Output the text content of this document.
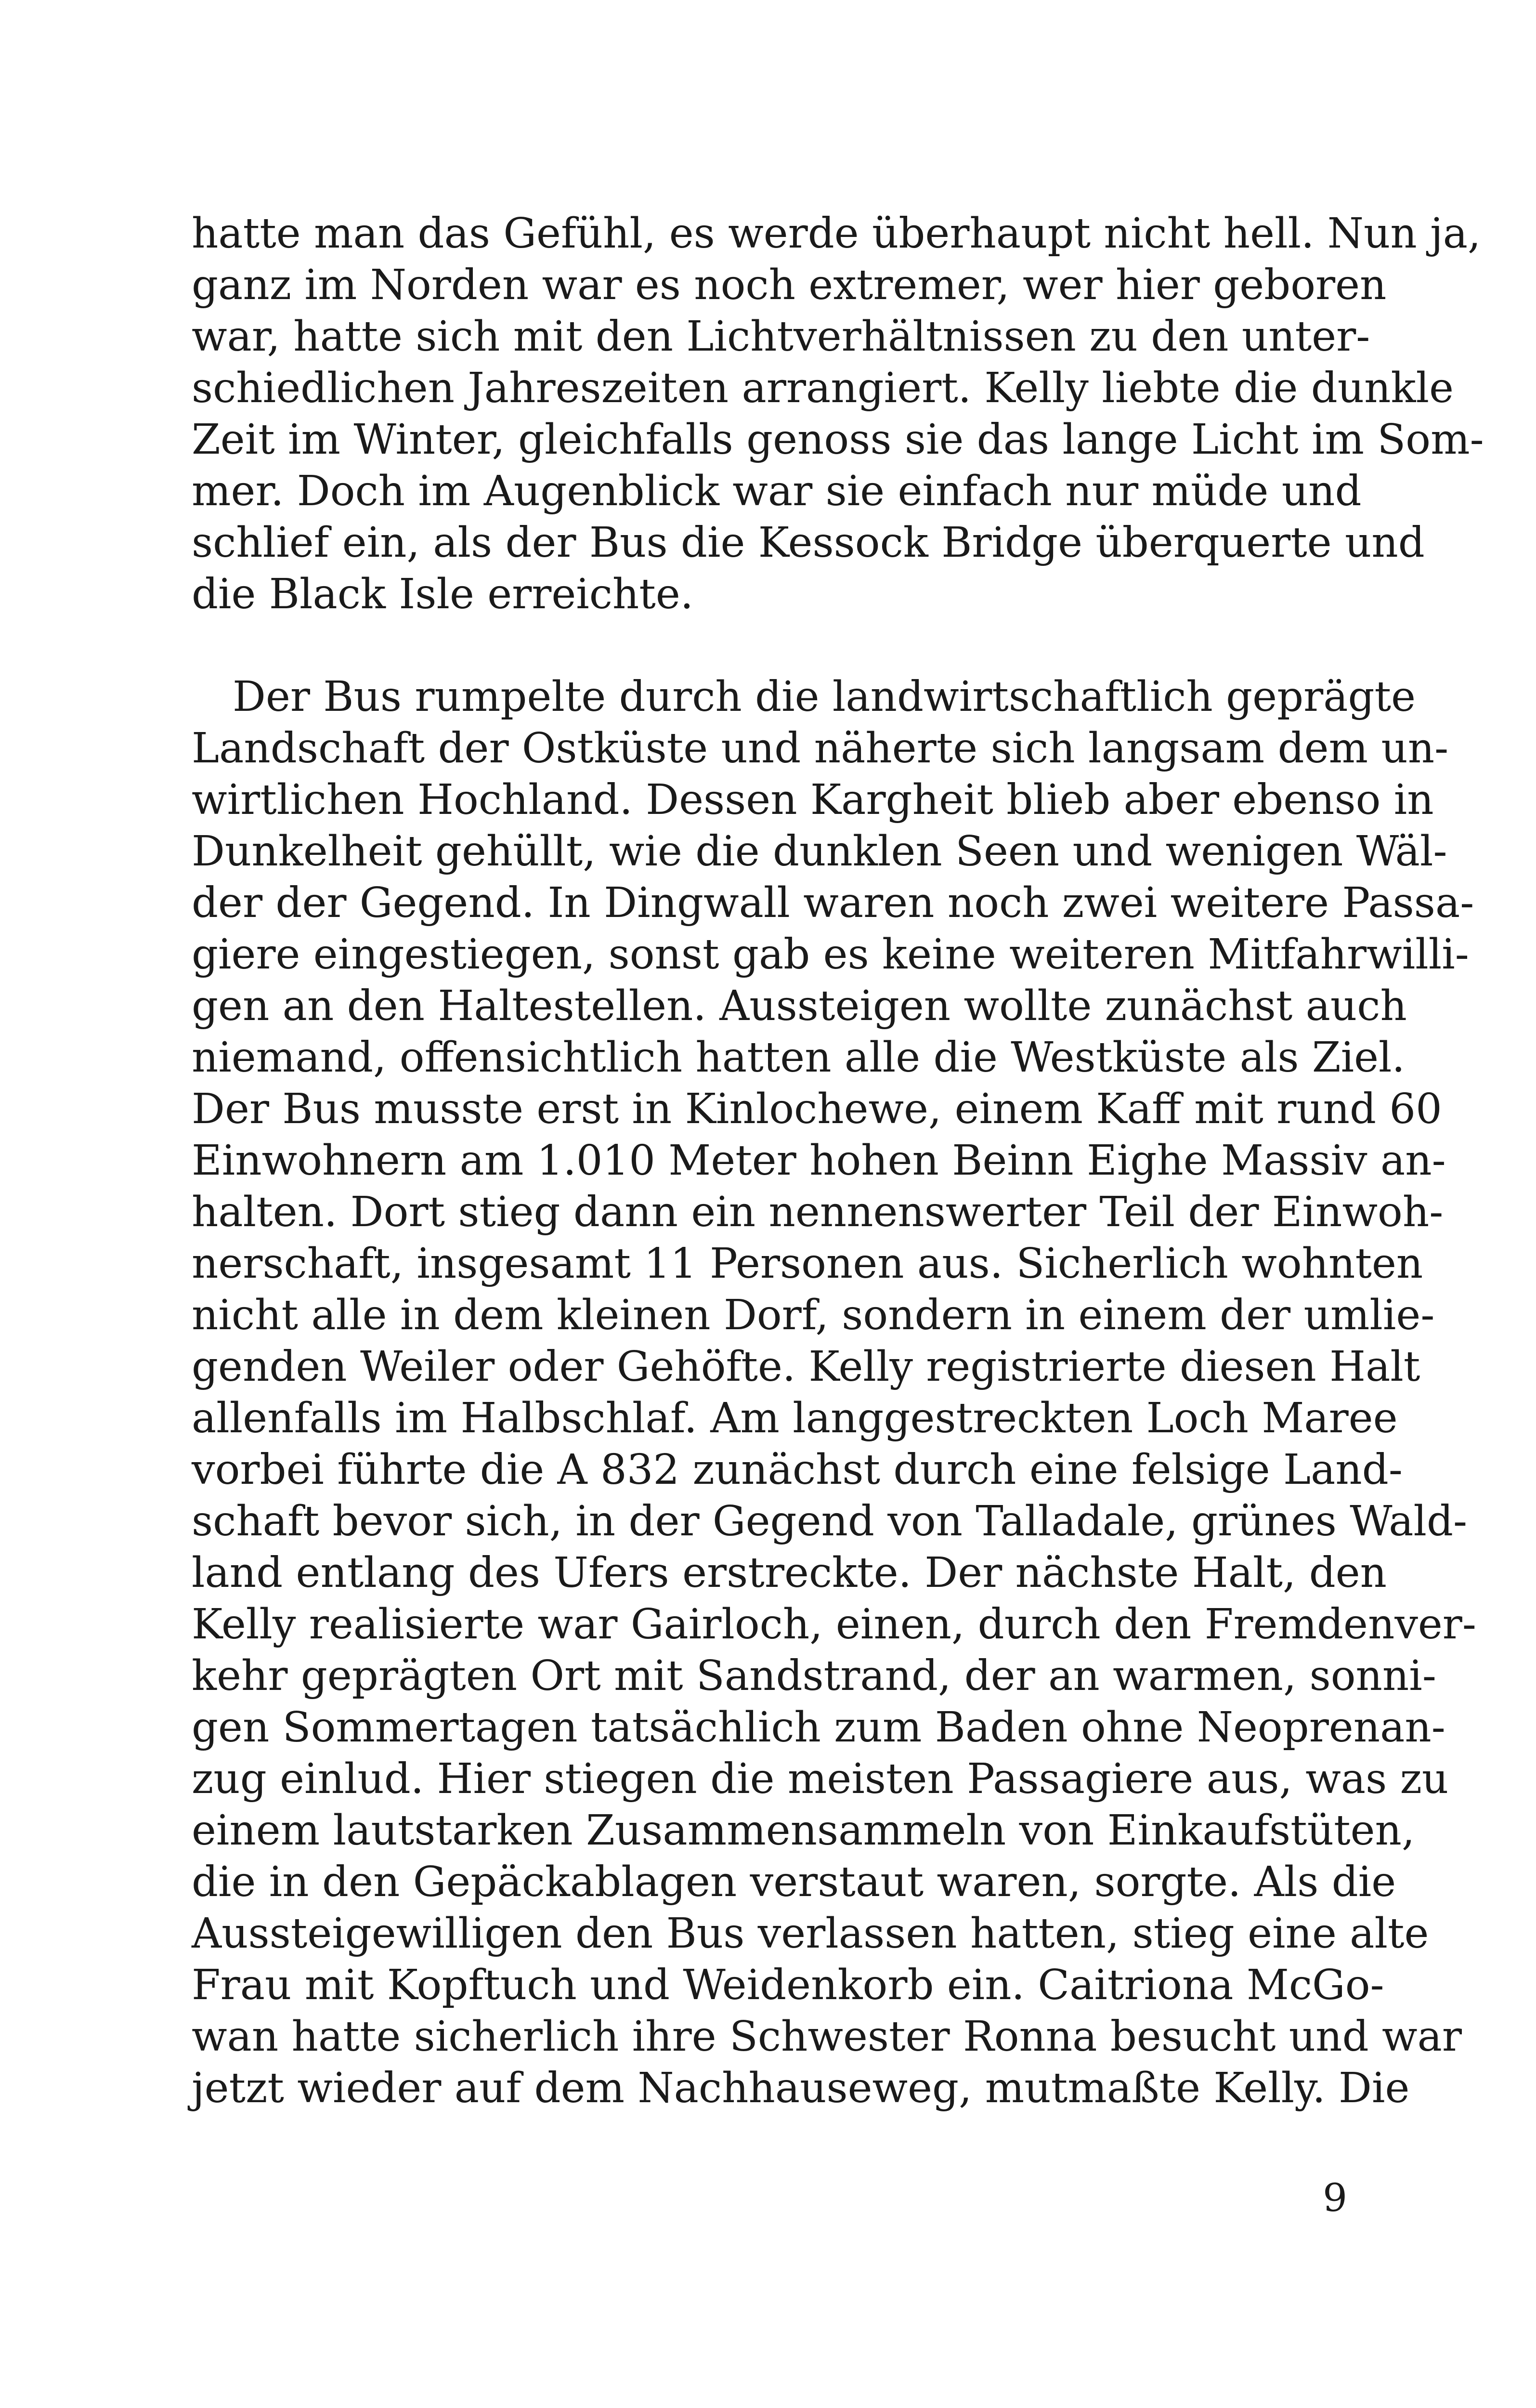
hatte man das Gefühl, es werde überhaupt nicht hell. Nun ja,
ganz im Norden war es noch extremer, wer hier geboren
war, hatte sich mit den Lichtverhältnissen zu den unter-
schiedlichen Jahreszeiten arrangiert. Kelly liebte die dunkle
Zeit im Winter, gleichfalls genoss sie das lange Licht im Som-
mer. Doch im Augenblick war sie einfach nur müde und
schlief ein, als der Bus die Kessock Bridge überquerte und
die Black Isle erreichte.
Der Bus rumpelte durch die landwirtschaftlich geprägte
Landschaft der Ostküste und näherte sich langsam dem un-
wirtlichen Hochland. Dessen Kargheit blieb aber ebenso in
Dunkelheit gehüllt, wie die dunklen Seen und wenigen Wäl-
der der Gegend. In Dingwall waren noch zwei weitere Passa-
giere eingestiegen, sonst gab es keine weiteren Mitfahrwilli-
gen an den Haltestellen. Aussteigen wollte zunächst auch
niemand, offensichtlich hatten alle die Westküste als Ziel.
Der Bus musste erst in Kinlochewe, einem Kaff mit rund 60
Einwohnern am 1.010 Meter hohen Beinn Eighe Massiv an-
halten. Dort stieg dann ein nennenswerter Teil der Einwoh-
nerschaft, insgesamt 11 Personen aus. Sicherlich wohnten
nicht alle in dem kleinen Dorf, sondern in einem der umlie-
genden Weiler oder Gehöfte. Kelly registrierte diesen Halt
allenfalls im Halbschlaf. Am langgestreckten Loch Maree
vorbei führte die A 832 zunächst durch eine felsige Land-
schaft bevor sich, in der Gegend von Talladale, grünes Wald-
land entlang des Ufers erstreckte. Der nächste Halt, den
Kelly realisierte war Gairloch, einen, durch den Fremdenver-
kehr geprägten Ort mit Sandstrand, der an warmen, sonni-
gen Sommertagen tatsächlich zum Baden ohne Neoprenan-
zug einlud. Hier stiegen die meisten Passagiere aus, was zu
einem lautstarken Zusammensammeln von Einkaufstüten,
die in den Gepäckablagen verstaut waren, sorgte. Als die
Aussteigewilligen den Bus verlassen hatten, stieg eine alte
Frau mit Kopftuch und Weidenkorb ein. Caitriona McGo-
wan hatte sicherlich ihre Schwester Ronna besucht und war
jetzt wieder auf dem Nachhauseweg, mutmaßte Kelly. Die
9
